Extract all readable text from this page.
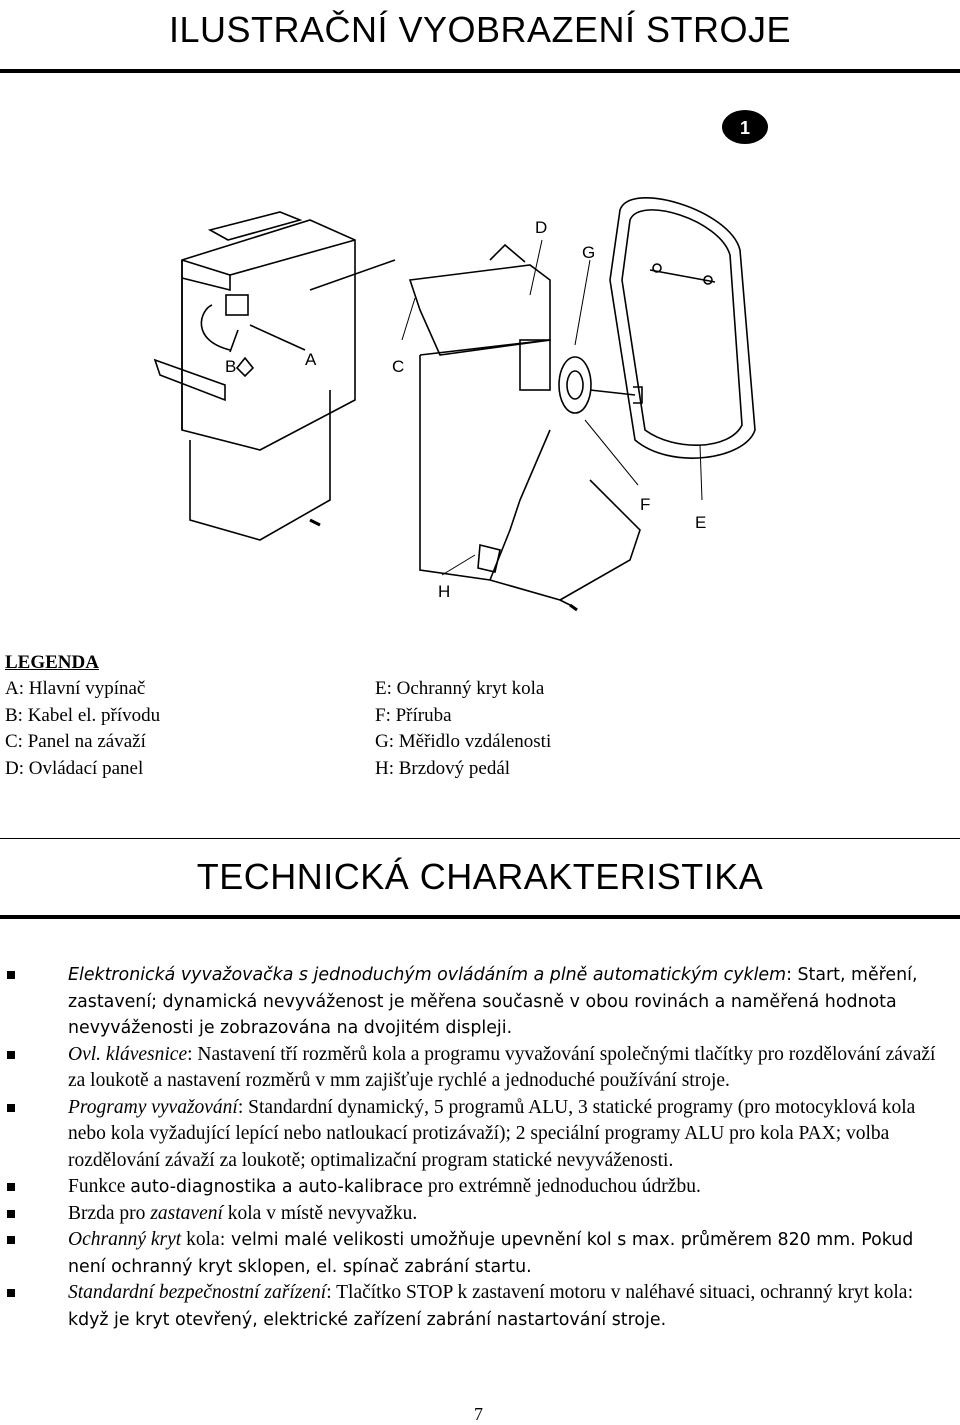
ILUSTRAČNÍ VYOBRAZENÍ STROJE
1
A
B	C
D
E
F
G
H
LEGENDA
A: Hlavní vypínač
B: Kabel el. přívodu
C: Panel na závaží
D: Ovládací panel
E: Ochranný kryt kola
F: Příruba
G: Měřidlo vzdálenosti
H: Brzdový pedál
TECHNICKÁ CHARAKTERISTIKA
Elektronická vyvažovačka s jednoduchým ovládáním a plně automatickým cyklem: Start, měření, zastavení; dynamická nevyváženost je měřena současně v obou rovinách a naměřená hodnota nevyváženosti je zobrazována na dvojitém displeji.
Ovl. klávesnice: Nastavení tří rozměrů kola a programu vyvažování společnými tlačítky pro rozdělování závaží za loukotě a nastavení rozměrů v mm zajišťuje rychlé a jednoduché používání stroje.
Programy vyvažování: Standardní dynamický, 5 programů ALU, 3 statické programy (pro motocyklová kola nebo kola vyžadující lepící nebo natloukací protizávaží); 2 speciální programy ALU pro kola PAX; volba rozdělování závaží za loukotě; optimalizační program statické nevyváženosti.
Funkce auto-diagnostika a auto-kalibrace pro extrémně jednoduchou údržbu.
Brzda pro zastavení kola v místě nevyvažku.
Ochranný kryt kola: velmi malé velikosti umožňuje upevnění kol s max. průměrem 820 mm. Pokud není ochranný kryt sklopen, el. spínač zabrání startu.
Standardní bezpečnostní zařízení: Tlačítko STOP k zastavení motoru v naléhavé situaci, ochranný kryt kola: když je kryt otevřený, elektrické zařízení zabrání nastartování stroje.
7
